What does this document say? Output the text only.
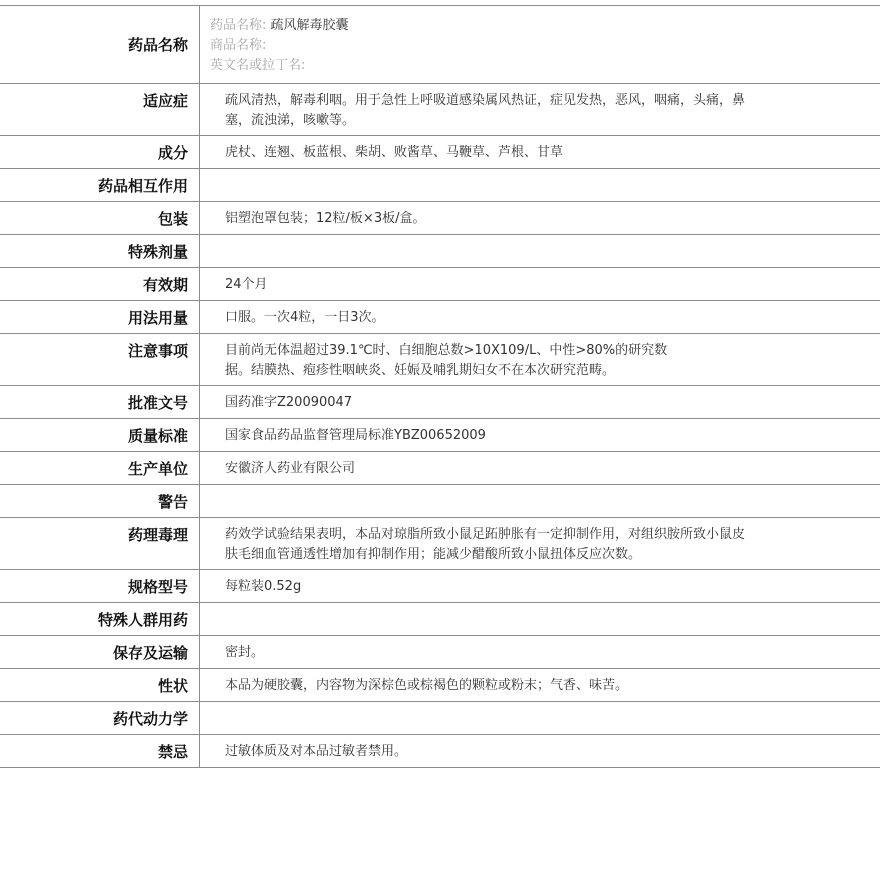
药品名称
药品名称: 疏风解毒胶囊
商品名称:
英文名或拉丁名:
适应症	疏风清热，解毒利咽。用于急性上呼吸道感染属风热证，症见发热，恶风，咽痛，头痛，鼻
塞，流浊涕，咳嗽等。
成分	虎杖、连翘、板蓝根、柴胡、败酱草、马鞭草、芦根、甘草
药品相互作用
包装	铝塑泡罩包装；12粒/板×3板/盒。
特殊剂量
有效期	24个月
用法用量	口服。一次4粒，一日3次。
注意事项	目前尚无体温超过39.1℃时、白细胞总数>10X109/L、中性>80%的研究数
据。结膜热、疱疹性咽峡炎、妊娠及哺乳期妇女不在本次研究范畴。
批准文号	国药准字Z20090047
质量标准	国家食品药品监督管理局标准YBZ00652009
生产单位	安徽济人药业有限公司
警告
药理毒理	药效学试验结果表明，本品对琼脂所致小鼠足跖肿胀有一定抑制作用，对组织胺所致小鼠皮
肤毛细血管通透性增加有抑制作用；能减少醋酸所致小鼠扭体反应次数。
规格型号	每粒装0.52g
特殊人群用药
保存及运输	密封。
性状	本品为硬胶囊，内容物为深棕色或棕褐色的颗粒或粉末；气香、味苦。
药代动力学
禁忌	过敏体质及对本品过敏者禁用。
